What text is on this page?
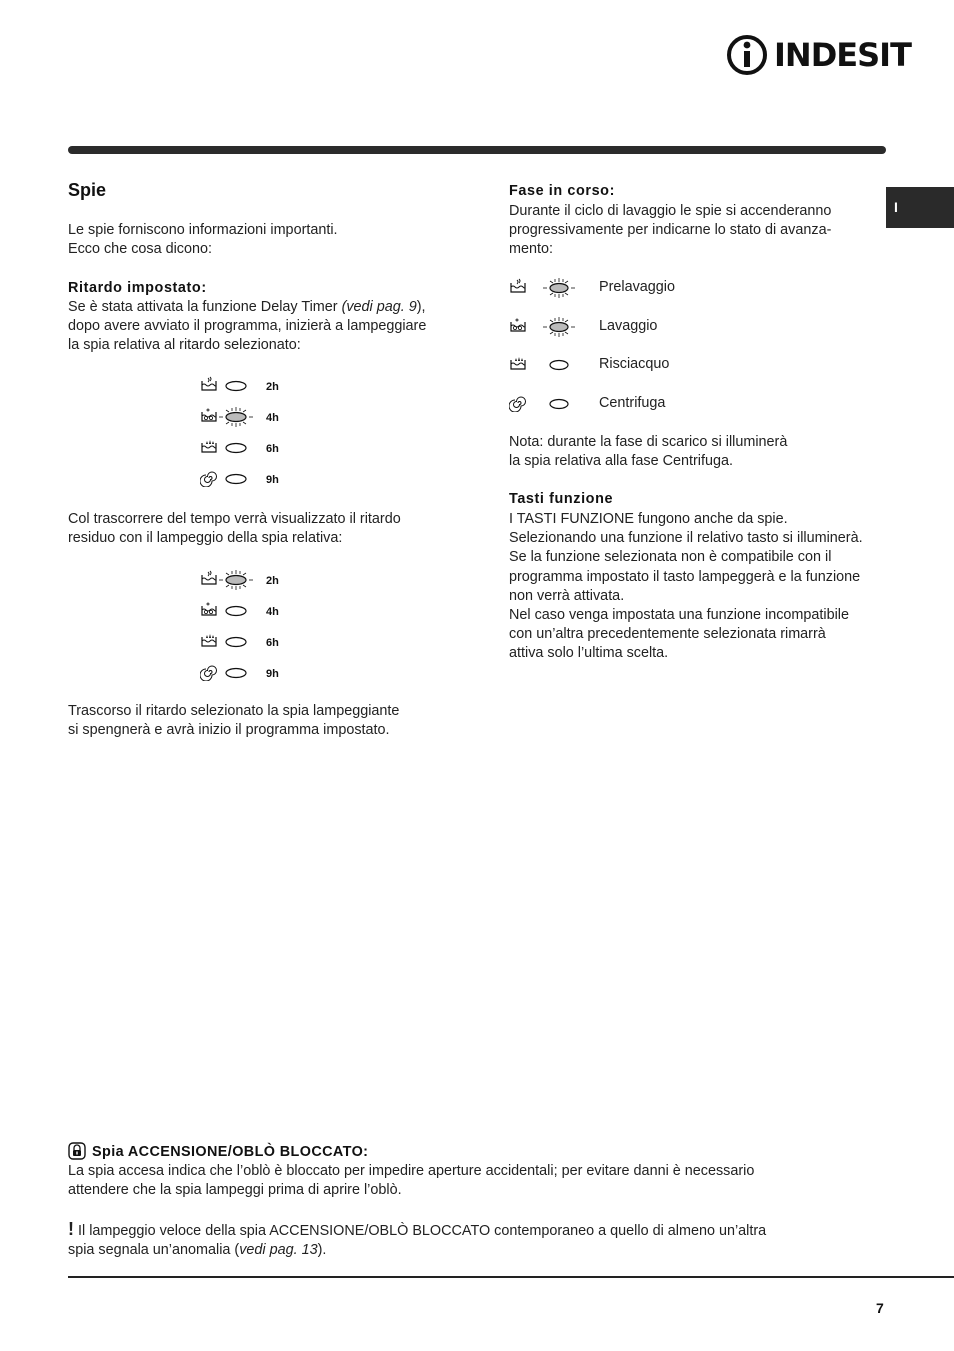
INDESIT
I
Spie
Le spie forniscono informazioni importanti.
Ecco che cosa dicono:
Ritardo impostato:
Se è stata attivata la funzione Delay Timer (vedi pag. 9),
dopo avere avviato il programma, inizierà a lampeggiare
la spia relativa al ritardo selezionato:
2h
4h
6h
9h
Col trascorrere del tempo verrà visualizzato il ritardo
residuo con il lampeggio della spia relativa:
2h
4h
6h
9h
Trascorso il ritardo selezionato la spia lampeggiante
si spengnerà e avrà inizio il programma impostato.
Fase in corso:
Durante il ciclo di lavaggio le spie si accenderanno
progressivamente per indicarne lo stato di avanza-
mento:
Prelavaggio
Lavaggio
Risciacquo
Centrifuga
Nota: durante la fase di scarico si illuminerà
la spia relativa alla fase Centrifuga.
Tasti funzione
I TASTI FUNZIONE fungono anche da spie.
Selezionando una funzione il relativo tasto si illuminerà.
Se la funzione selezionata non è compatibile con il
programma impostato il tasto lampeggerà e la funzione
non verrà attivata.
Nel caso venga impostata una funzione incompatibile
con un’altra precedentemente selezionata rimarrà
attiva solo l’ultima scelta.
Spia ACCENSIONE/OBLÒ BLOCCATO:
La spia accesa indica che l’oblò è bloccato per impedire aperture accidentali; per evitare danni è necessario
attendere che la spia lampeggi prima di aprire l’oblò.
! Il lampeggio veloce della spia ACCENSIONE/OBLÒ BLOCCATO contemporaneo a quello di almeno un’altra
spia segnala un’anomalia (vedi pag. 13).
7
